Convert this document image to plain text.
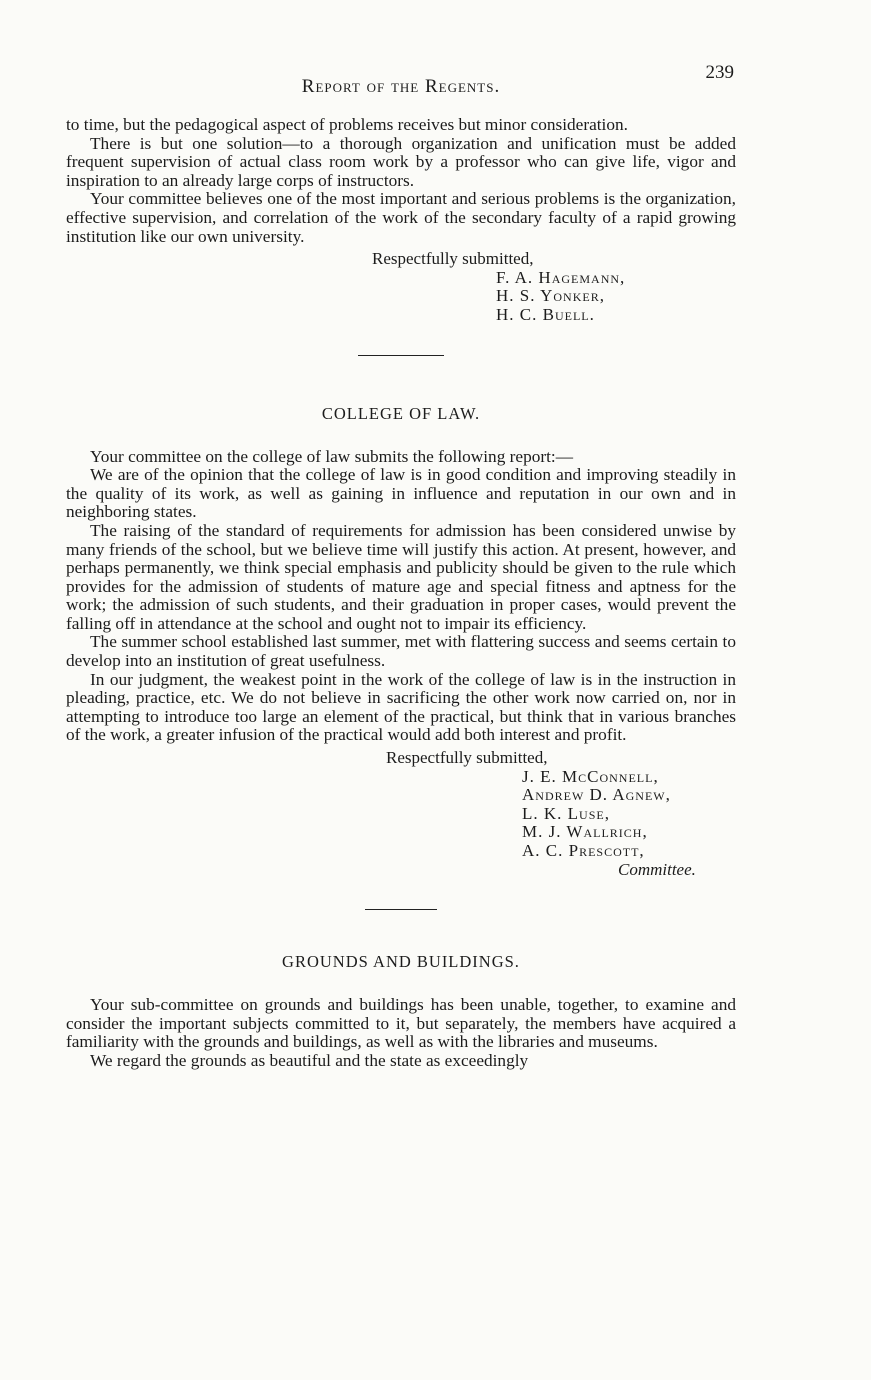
Report of the Regents.
239

to time, but the pedagogical aspect of problems receives but minor consideration.

There is but one solution—to a thorough organization and unification must be added frequent supervision of actual class room work by a professor who can give life, vigor and inspiration to an already large corps of instructors.

Your committee believes one of the most important and serious problems is the organization, effective supervision, and correlation of the work of the secondary faculty of a rapid growing institution like our own university.

Respectfully submitted,
F. A. Hagemann,
H. S. Yonker,
H. C. Buell.
COLLEGE OF LAW.

Your committee on the college of law submits the following report:—

We are of the opinion that the college of law is in good condition and improving steadily in the quality of its work, as well as gaining in influence and reputation in our own and in neighboring states.

The raising of the standard of requirements for admission has been considered unwise by many friends of the school, but we believe time will justify this action. At present, however, and perhaps permanently, we think special emphasis and publicity should be given to the rule which provides for the admission of students of mature age and special fitness and aptness for the work; the admission of such students, and their graduation in proper cases, would prevent the falling off in attendance at the school and ought not to impair its efficiency.

The summer school established last summer, met with flattering success and seems certain to develop into an institution of great usefulness.

In our judgment, the weakest point in the work of the college of law is in the instruction in pleading, practice, etc. We do not believe in sacrificing the other work now carried on, nor in attempting to introduce too large an element of the practical, but think that in various branches of the work, a greater infusion of the practical would add both interest and profit.

Respectfully submitted,
J. E. McConnell,
Andrew D. Agnew,
L. K. Luse,
M. J. Wallrich,
A. C. Prescott,
Committee.
GROUNDS AND BUILDINGS.

Your sub-committee on grounds and buildings has been unable, together, to examine and consider the important subjects committed to it, but separately, the members have acquired a familiarity with the grounds and buildings, as well as with the libraries and museums.

We regard the grounds as beautiful and the state as exceedingly
